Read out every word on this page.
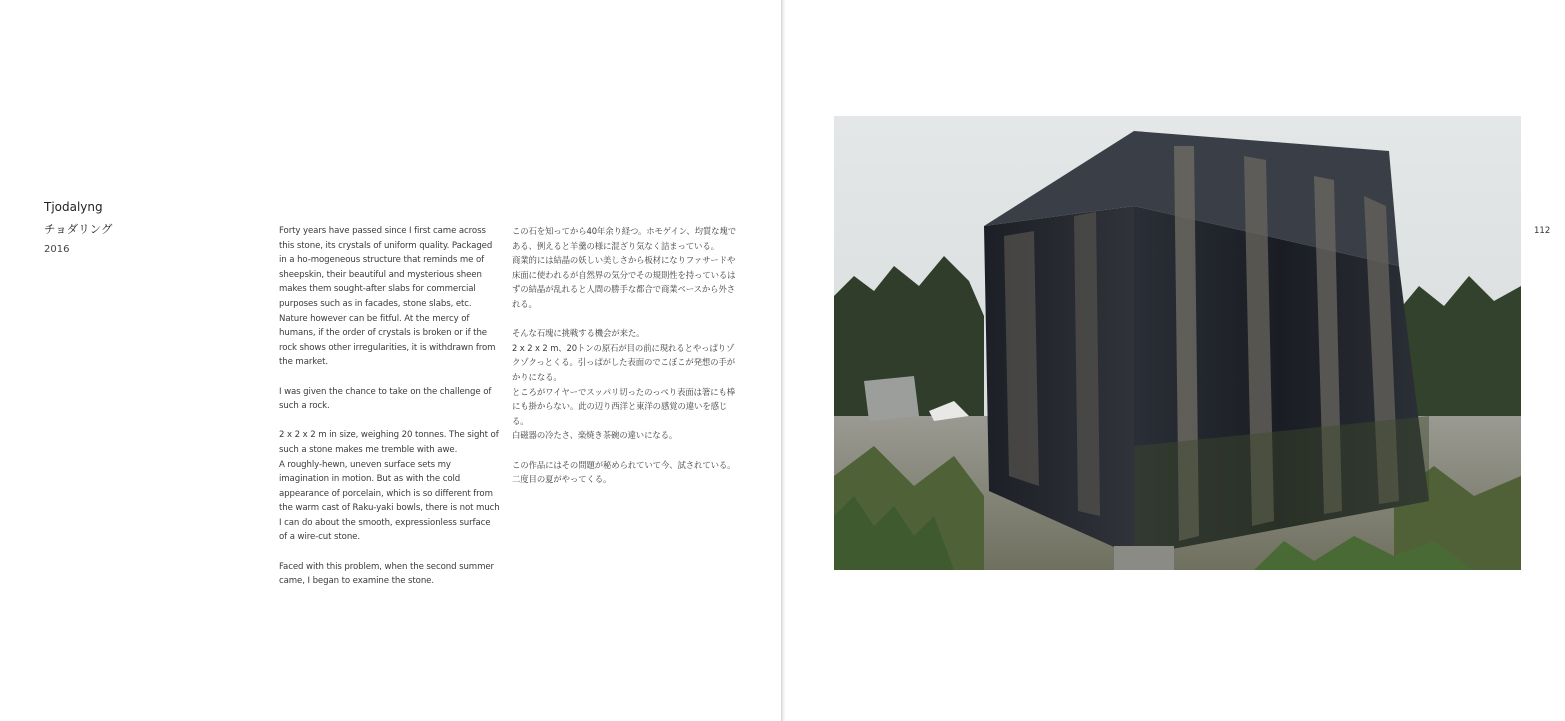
Tjodalyng
チョダリング
2016

Forty years have passed since I first came across this stone, its crystals of uniform quality. Packaged in a ho-mogeneous structure that reminds me of sheepskin, their beautiful and mysterious sheen makes them sought-after slabs for commercial purposes such as in facades, stone slabs, etc. Nature however can be fitful. At the mercy of humans, if the order of crystals is broken or if the rock shows other irregularities, it is withdrawn from the market.

I was given the chance to take on the challenge of such a rock.

2 x 2 x 2 m in size, weighing 20 tonnes. The sight of such a stone makes me tremble with awe.

A roughly-hewn, uneven surface sets my imagination in motion. But as with the cold appearance of porcelain, which is so different from the warm cast of Raku-yaki bowls, there is not much I can do about the smooth, expressionless surface of a wire-cut stone.

Faced with this problem, when the second summer came, I began to examine the stone.

この石を知ってから40年余り経つ。ホモゲイン、均質な塊である、例えると羊羹の様に混ざり気なく詰まっている。

商業的には結晶の妖しい美しさから板材になりファサードや床面に使われるが自然界の気分でその規則性を持っているはずの結晶が乱れると人間の勝手な都合で商業ベースから外される。

そんな石塊に挑戦する機会が来た。

2 x 2 x 2 m、20トンの原石が目の前に現れるとやっぱりゾクゾクっとくる。引っぱがした表面のでこぼこが発想の手がかりになる。

ところがワイヤーでスッパリ切ったのっぺり表面は箸にも棒にも掛からない。此の辺り西洋と東洋の感覚の違いを感じる。

白磁器の冷たさ、楽焼き茶碗の違いになる。

この作品にはその問題が秘められていて今、試されている。

二度目の夏がやってくる。

112
